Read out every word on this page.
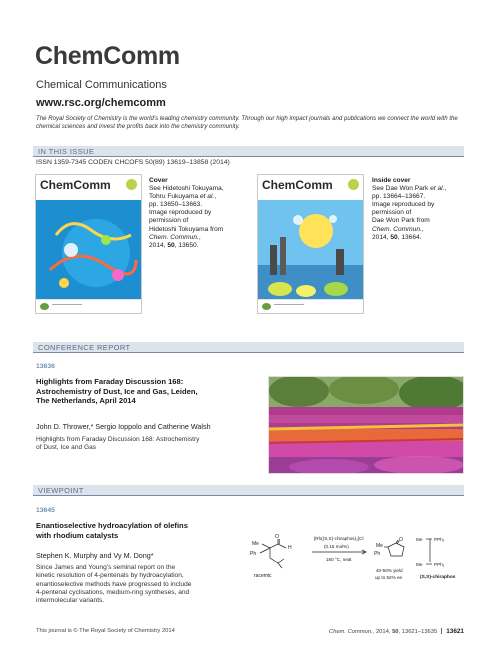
ChemComm
Chemical Communications
www.rsc.org/chemcomm
The Royal Society of Chemistry is the world’s leading chemistry community. Through our high impact journals and publications we connect the world with the chemical sciences and invest the profits back into the chemistry community.
IN THIS ISSUE
ISSN 1359-7345 CODEN CHCOFS 50(89) 13619–13858 (2014)
ChemComm	Cover
See Hidetoshi Tokuyama,
Tohru Fukuyama et al.,
pp. 13650–13663.
Image reproduced by
permission of
Hidetoshi Tokuyama from
Chem. Commun.,
2014, 50, 13650.
ChemComm	Inside cover
See Dae Won Park et al.,
pp. 13664–13667.
Image reproduced by
permission of
Dae Won Park from
Chem. Commun.,
2014, 50, 13664.
CONFERENCE REPORT
13636
Highlights from Faraday Discussion 168:
Astrochemistry of Dust, Ice and Gas, Leiden,
The Netherlands, April 2014
John D. Thrower,* Sergio Ioppolo and Catherine Walsh
Highlights from Faraday Discussion 168: Astrochemistry
of Dust, Ice and Gas
VIEWPOINT
13645
Enantioselective hydroacylation of olefins
with rhodium catalysts
Stephen K. Murphy and Vy M. Dong*
Since James and Young’s seminal report on the
kinetic resolution of 4-pentenals by hydroacylation,
enantioselective methods have progressed to include
4-pentenal cyclisations, medium-ring syntheses, and
intermolecular variants.
Me
Ph
O
H
racemic
[Rh((S,S)-chiraphos)₂]Cl
(0.15 mol%)
160 °C, neat
Me
Ph
O
40-50% yield
up to 52% ee
PPh₂
Me
Me	PPh₂
(S,S)-chiraphos
This journal is © The Royal Society of Chemistry 2014	Chem. Commun., 2014, 50, 13621–13635 13621
